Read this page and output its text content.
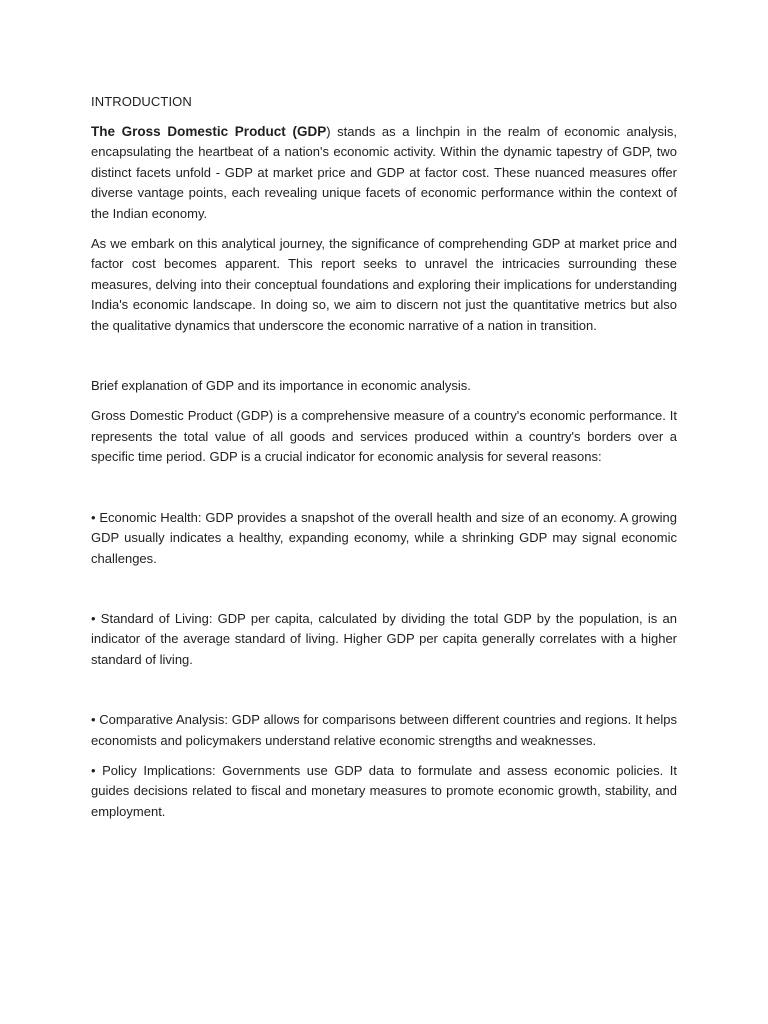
INTRODUCTION

The Gross Domestic Product (GDP) stands as a linchpin in the realm of economic analysis, encapsulating the heartbeat of a nation's economic activity. Within the dynamic tapestry of GDP, two distinct facets unfold - GDP at market price and GDP at factor cost. These nuanced measures offer diverse vantage points, each revealing unique facets of economic performance within the context of the Indian economy.

As we embark on this analytical journey, the significance of comprehending GDP at market price and factor cost becomes apparent. This report seeks to unravel the intricacies surrounding these measures, delving into their conceptual foundations and exploring their implications for understanding India's economic landscape. In doing so, we aim to discern not just the quantitative metrics but also the qualitative dynamics that underscore the economic narrative of a nation in transition.

Brief explanation of GDP and its importance in economic analysis.

Gross Domestic Product (GDP) is a comprehensive measure of a country's economic performance. It represents the total value of all goods and services produced within a country's borders over a specific time period. GDP is a crucial indicator for economic analysis for several reasons:

• Economic Health: GDP provides a snapshot of the overall health and size of an economy. A growing GDP usually indicates a healthy, expanding economy, while a shrinking GDP may signal economic challenges.

• Standard of Living: GDP per capita, calculated by dividing the total GDP by the population, is an indicator of the average standard of living. Higher GDP per capita generally correlates with a higher standard of living.

• Comparative Analysis: GDP allows for comparisons between different countries and regions. It helps economists and policymakers understand relative economic strengths and weaknesses.

• Policy Implications: Governments use GDP data to formulate and assess economic policies. It guides decisions related to fiscal and monetary measures to promote economic growth, stability, and employment.
